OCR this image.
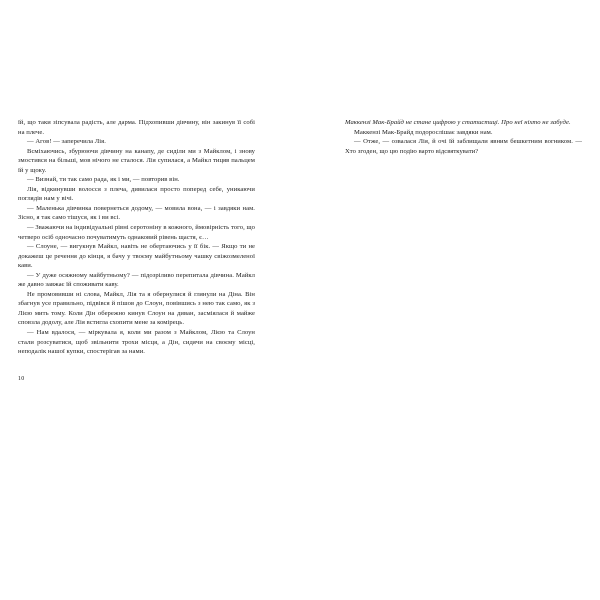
їй, що таки зіпсувала радість, але дарма. Підхопивши дівчину, він закинув її собі на плече.

— Агов! — заперечила Лія.

Всміхаючись, збурюючи дівчину на канапу, де сиділи ми з Майклом, і знову змостився на більші, мов нічого не сталося. Лія супилася, а Майкл тицяв пальцем їй у щоку.

— Визнай, ти так само рада, як і ми, — повторив він.

Лія, відкинувши волосся з плеча, дивилася просто поперед себе, уникаючи поглядів нам у вічі.

— Маленька дівчинка повернеться додому, — мовила вона, — і завдяки нам. Зісно, я так само тішуся, як і ви всі.

— Зважаючи на індивідуальні рівні серотоніну в кожного, ймовірність того, що четверо осіб одночасно почуватимуть однаковий рівень щастя, є…

— Слоуне, — вигукнув Майкл, навіть не обертаючись у її бік. — Якщо ти не докажеш це речення до кінця, я бачу у твоєму майбутньому чашку свіжозмеленої кави.

— У дуже осяжному майбутньому? — підозріливо перепитала дівчина. Майкл же давно завжає їй споживати каву.

Не промовивши ні слова, Майкл, Лія та я обернулися й глянули на Діна. Він збагнув усе правильно, підвівся й пішов до Слоун, повівшись з нею так само, як з Лією мить тому. Коли Дін обережно кинув Слоун на диван, засміялася й майже сповзла додолу, але Лія встигла схопити мене за комірець.

— Нам вдалося, — міркувала я, коли ми разом з Майклом, Лією та Слоун стали розсуватися, щоб звільнити трохи місця, а Дін, сидячи на своєму місці, неподалік нашої купки, спостерігав за нами.

Маккензі Мак-Брайд не стане цифрою у статистиці. Про неї ніхто не забуде.

Маккензі Мак-Брайд подорослішає завдяки нам.

— Отже, — озвалася Лія, й очі їй заблищали явним бешкетним вогником. — Хто згоден, що цю подію варто відсвяткувати?

10
